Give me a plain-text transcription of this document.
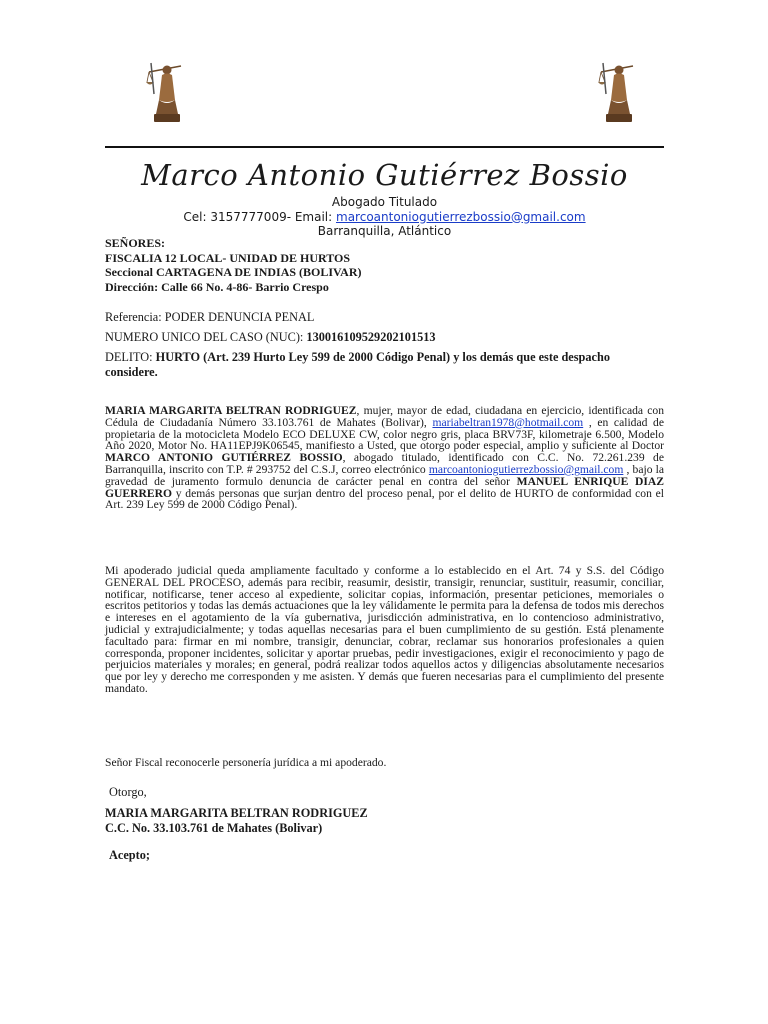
Marco Antonio Gutiérrez Bossio
Abogado Titulado
Cel: 3157777009- Email: marcoantoniogutierrezbossio@gmail.com
Barranquilla, Atlántico
SEÑORES:
FISCALIA 12 LOCAL- UNIDAD DE HURTOS
Seccional CARTAGENA DE INDIAS (BOLIVAR)
Dirección: Calle 66 No. 4-86- Barrio Crespo
Referencia: PODER DENUNCIA PENAL
NUMERO UNICO DEL CASO (NUC): 130016109529202101513
DELITO: HURTO (Art. 239 Hurto Ley 599 de 2000 Código Penal) y los demás que este despacho considere.
MARIA MARGARITA BELTRAN RODRIGUEZ, mujer, mayor de edad, ciudadana en ejercicio, identificada con Cédula de Ciudadanía Número 33.103.761 de Mahates (Bolivar), mariabeltran1978@hotmail.com , en calidad de propietaria de la motocicleta Modelo ECO DELUXE CW, color negro gris, placa BRV73F, kilometraje 6.500, Modelo Año 2020, Motor No. HA11EPJ9K06545, manifiesto a Usted, que otorgo poder especial, amplio y suficiente al Doctor MARCO ANTONIO GUTIÉRREZ BOSSIO, abogado titulado, identificado con C.C. No. 72.261.239 de Barranquilla, inscrito con T.P. # 293752 del C.S.J, correo electrónico marcoantoniogutierrezbossio@gmail.com , bajo la gravedad de juramento formulo denuncia de carácter penal en contra del señor MANUEL ENRIQUE DIAZ GUERRERO y demás personas que surjan dentro del proceso penal, por el delito de HURTO de conformidad con el Art. 239 Ley 599 de 2000 Código Penal).
Mi apoderado judicial queda ampliamente facultado y conforme a lo establecido en el Art. 74 y S.S. del Código GENERAL DEL PROCESO, además para recibir, reasumir, desistir, transigir, renunciar, sustituir, reasumir, conciliar, notificar, notificarse, tener acceso al expediente, solicitar copias, información, presentar peticiones, memoriales o escritos petitorios y todas las demás actuaciones que la ley válidamente le permita para la defensa de todos mis derechos e intereses en el agotamiento de la vía gubernativa, jurisdicción administrativa, en lo contencioso administrativo, judicial y extrajudicialmente; y todas aquellas necesarias para el buen cumplimiento de su gestión. Está plenamente facultado para: firmar en mi nombre, transigir, denunciar, cobrar, reclamar sus honorarios profesionales a quien corresponda, proponer incidentes, solicitar y aportar pruebas, pedir investigaciones, exigir el reconocimiento y pago de perjuicios materiales y morales; en general, podrá realizar todos aquellos actos y diligencias absolutamente necesarios que por ley y derecho me corresponden y me asisten. Y demás que fueren necesarias para el cumplimiento del presente mandato.
Señor Fiscal reconocerle personería jurídica a mi apoderado.
Otorgo,
MARIA MARGARITA BELTRAN RODRIGUEZ
C.C. No. 33.103.761 de Mahates (Bolivar)
Acepto;
